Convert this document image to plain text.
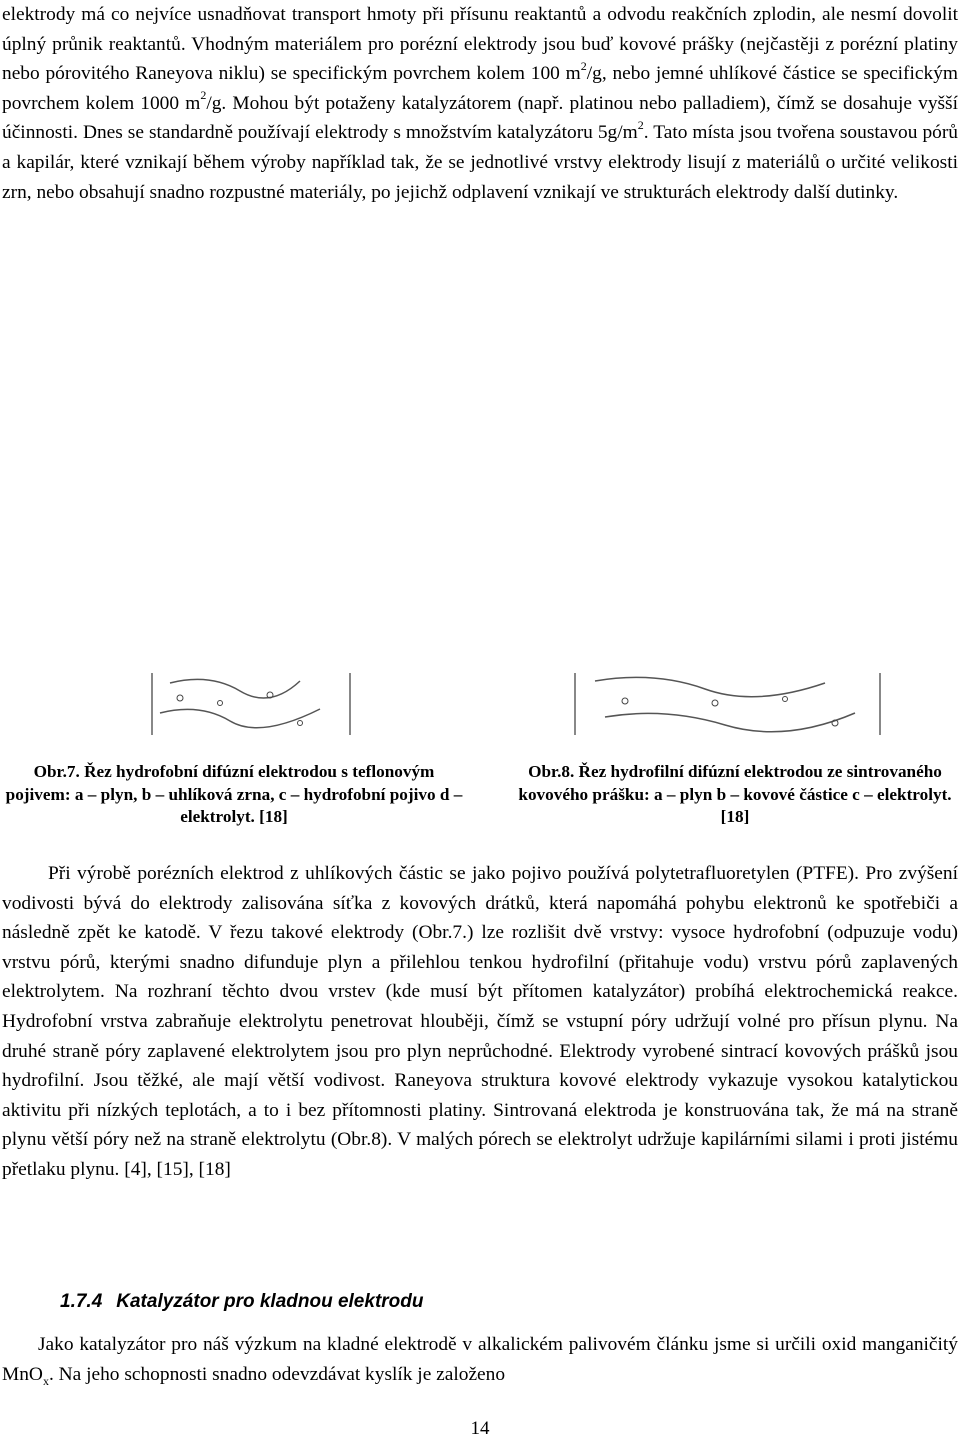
elektrody má co nejvíce usnadňovat transport hmoty při přísunu reaktantů a odvodu reakčních zplodin, ale nesmí dovolit úplný průnik reaktantů. Vhodným materiálem pro porézní elektrody jsou buď kovové prášky (nejčastěji z porézní platiny nebo pórovitého Raneyova niklu) se specifickým povrchem kolem 100 $m^2/g$, nebo jemné uhlíkové částice se specifickým povrchem kolem 1000 $m^2/g$. Mohou být potaženy katalyzátorem (např. platinou nebo palladiem), čímž se dosahuje vyšší účinnosti. Dnes se standardně používají elektrody s množstvím katalyzátoru $5g/m^2$. Tato místa jsou tvořena soustavou pórů a kapilár, které vznikají během výroby například tak, že se jednotlivé vrstvy elektrody lisují z materiálů o určité velikosti zrn, nebo obsahují snadno rozpustné materiály, po jejichž odplavení vznikají ve strukturách elektrody další dutinky.

Obr.7. Řez hydrofobní difúzní elektrodou s teflonovým pojivem: a – plyn, b – uhlíková zrna, c – hydrofobní pojivo d – elektrolyt. [18]

Obr.8. Řez hydrofilní difúzní elektrodou ze sintrovaného kovového prášku: a – plyn b – kovové částice c – elektrolyt. [18]

Při výrobě porézních elektrod z uhlíkových částic se jako pojivo používá polytetrafluoretylen (PTFE). Pro zvýšení vodivosti bývá do elektrody zalisována síťka z kovových drátků, která napomáhá pohybu elektronů ke spotřebiči a následně zpět ke katodě. V řezu takové elektrody (Obr.7.) lze rozlišit dvě vrstvy: vysoce hydrofobní (odpuzuje vodu) vrstvu pórů, kterými snadno difunduje plyn a přilehlou tenkou hydrofilní (přitahuje vodu) vrstvu pórů zaplavených elektrolytem. Na rozhraní těchto dvou vrstev (kde musí být přítomen katalyzátor) probíhá elektrochemická reakce. Hydrofobní vrstva zabraňuje elektrolytu penetrovat hlouběji, čímž se vstupní póry udržují volné pro přísun plynu. Na druhé straně póry zaplavené elektrolytem jsou pro plyn neprůchodné. Elektrody vyrobené sintrací kovových prášků jsou hydrofilní. Jsou těžké, ale mají větší vodivost. Raneyova struktura kovové elektrody vykazuje vysokou katalytickou aktivitu při nízkých teplotách, a to i bez přítomnosti platiny. Sintrovaná elektroda je konstruována tak, že má na straně plynu větší póry než na straně elektrolytu (Obr.8). V malých pórech se elektrolyt udržuje kapilárními silami i proti jistému přetlaku plynu. [4], [15], [18]

1.7.4 Katalyzátor pro kladnou elektrodu

Jako katalyzátor pro náš výzkum na kladné elektrodě v alkalickém palivovém článku jsme si určili oxid manganičitý MnO$_x$. Na jeho schopnosti snadno odevzdávat kyslík je založeno

14
